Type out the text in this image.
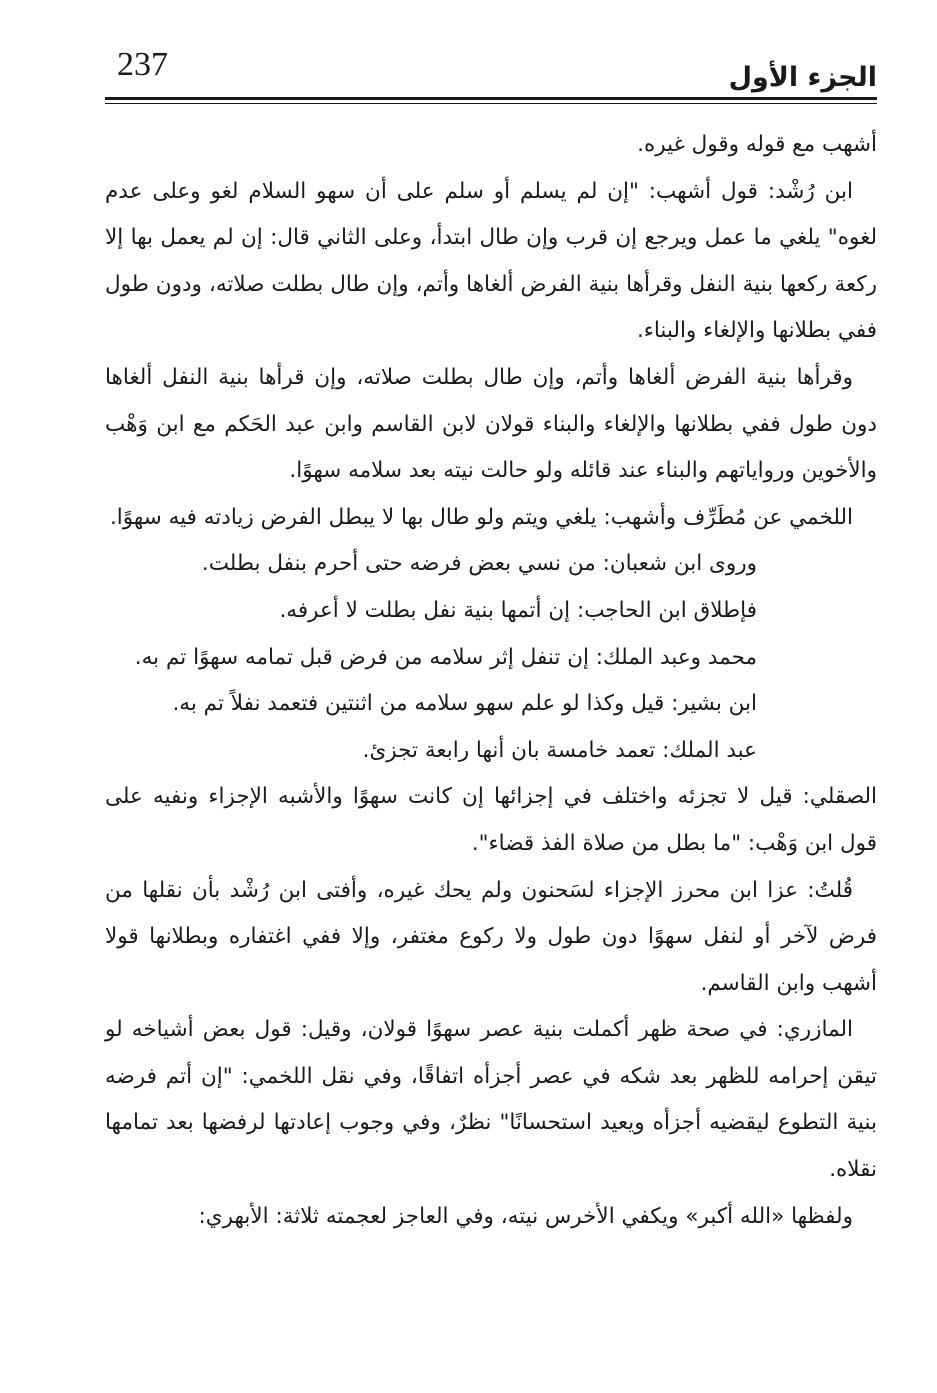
237	الجزء الأول

أشهب مع قوله وقول غيره.

ابن رُشْد: قول أشهب: "إن لم يسلم أو سلم على أن سهو السلام لغو وعلى عدم لغوه" يلغي ما عمل ويرجع إن قرب وإن طال ابتدأ، وعلى الثاني قال: إن لم يعمل بها إلا ركعة ركعها بنية النفل وقرأها بنية الفرض ألغاها وأتم، وإن طال بطلت صلاته، ودون طول ففي بطلانها والإلغاء والبناء.

وقرأها بنية الفرض ألغاها وأتم، وإن طال بطلت صلاته، وإن قرأها بنية النفل ألغاها دون طول ففي بطلانها والإلغاء والبناء قولان لابن القاسم وابن عبد الحَكم مع ابن وَهْب والأخوين ورواياتهم والبناء عند قائله ولو حالت نيته بعد سلامه سهوًا.

اللخمي عن مُطَرِّف وأشهب: يلغي ويتم ولو طال بها لا يبطل الفرض زيادته فيه سهوًا.

وروى ابن شعبان: من نسي بعض فرضه حتى أحرم بنفل بطلت.

فإطلاق ابن الحاجب: إن أتمها بنية نفل بطلت لا أعرفه.

محمد وعبد الملك: إن تنفل إثر سلامه من فرض قبل تمامه سهوًا تم به.

ابن بشير: قيل وكذا لو علم سهو سلامه من اثنتين فتعمد نفلاً تم به.

عبد الملك: تعمد خامسة بان أنها رابعة تجزئ.

الصقلي: قيل لا تجزئه واختلف في إجزائها إن كانت سهوًا والأشبه الإجزاء ونفيه على قول ابن وَهْب: "ما بطل من صلاة الفذ قضاء".

قُلتُ: عزا ابن محرز الإجزاء لسَحنون ولم يحك غيره، وأفتى ابن رُشْد بأن نقلها من فرض لآخر أو لنفل سهوًا دون طول ولا ركوع مغتفر، وإلا ففي اغتفاره وبطلانها قولا أشهب وابن القاسم.

المازري: في صحة ظهر أكملت بنية عصر سهوًا قولان، وقيل: قول بعض أشياخه لو تيقن إحرامه للظهر بعد شكه في عصر أجزأه اتفاقًا، وفي نقل اللخمي: "إن أتم فرضه بنية التطوع ليقضيه أجزأه ويعيد استحسانًا" نظرٌ، وفي وجوب إعادتها لرفضها بعد تمامها نقلاه.

ولفظها «الله أكبر» ويكفي الأخرس نيته، وفي العاجز لعجمته ثلاثة: الأبهري:
